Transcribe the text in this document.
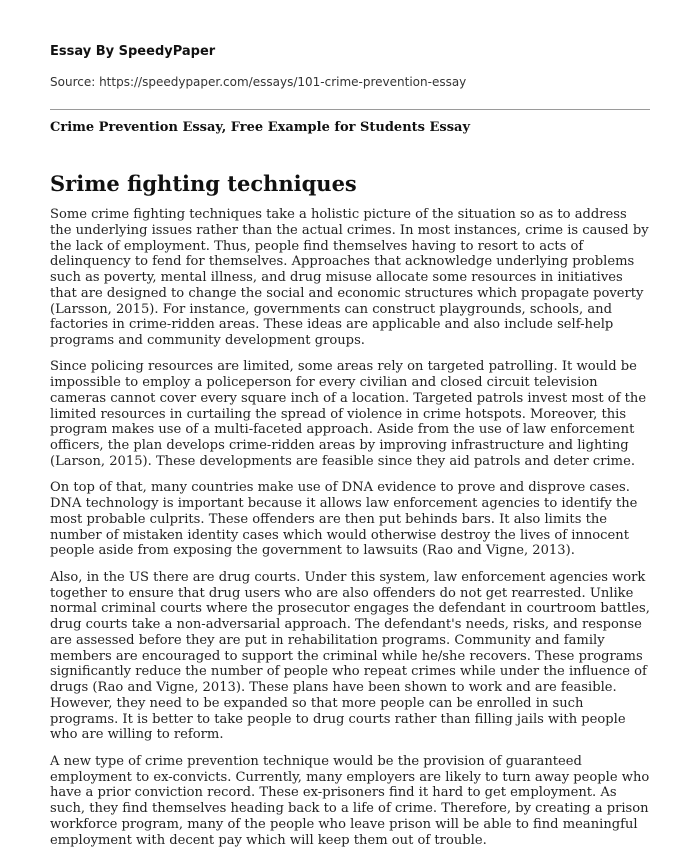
Essay By SpeedyPaper
Source: https://speedypaper.com/essays/101-crime-prevention-essay
Crime Prevention Essay, Free Example for Students Essay
Srime fighting techniques

Some crime fighting techniques take a holistic picture of the situation so as to address the underlying issues rather than the actual crimes. In most instances, crime is caused by the lack of employment. Thus, people find themselves having to resort to acts of delinquency to fend for themselves. Approaches that acknowledge underlying problems such as poverty, mental illness, and drug misuse allocate some resources in initiatives that are designed to change the social and economic structures which propagate poverty (Larsson, 2015). For instance, governments can construct playgrounds, schools, and factories in crime-ridden areas. These ideas are applicable and also include self-help programs and community development groups.

Since policing resources are limited, some areas rely on targeted patrolling. It would be impossible to employ a policeperson for every civilian and closed circuit television cameras cannot cover every square inch of a location. Targeted patrols invest most of the limited resources in curtailing the spread of violence in crime hotspots. Moreover, this program makes use of a multi-faceted approach. Aside from the use of law enforcement officers, the plan develops crime-ridden areas by improving infrastructure and lighting (Larson, 2015). These developments are feasible since they aid patrols and deter crime.

On top of that, many countries make use of DNA evidence to prove and disprove cases. DNA technology is important because it allows law enforcement agencies to identify the most probable culprits. These offenders are then put behinds bars. It also limits the number of mistaken identity cases which would otherwise destroy the lives of innocent people aside from exposing the government to lawsuits (Rao and Vigne, 2013).

Also, in the US there are drug courts. Under this system, law enforcement agencies work together to ensure that drug users who are also offenders do not get rearrested. Unlike normal criminal courts where the prosecutor engages the defendant in courtroom battles, drug courts take a non-adversarial approach. The defendant's needs, risks, and response are assessed before they are put in rehabilitation programs. Community and family members are encouraged to support the criminal while he/she recovers. These programs significantly reduce the number of people who repeat crimes while under the influence of drugs (Rao and Vigne, 2013). These plans have been shown to work and are feasible. However, they need to be expanded so that more people can be enrolled in such programs. It is better to take people to drug courts rather than filling jails with people who are willing to reform.

A new type of crime prevention technique would be the provision of guaranteed employment to ex-convicts. Currently, many employers are likely to turn away people who have a prior conviction record. These ex-prisoners find it hard to get employment. As such, they find themselves heading back to a life of crime. Therefore, by creating a prison workforce program, many of the people who leave prison will be able to find meaningful employment with decent pay which will keep them out of trouble.
